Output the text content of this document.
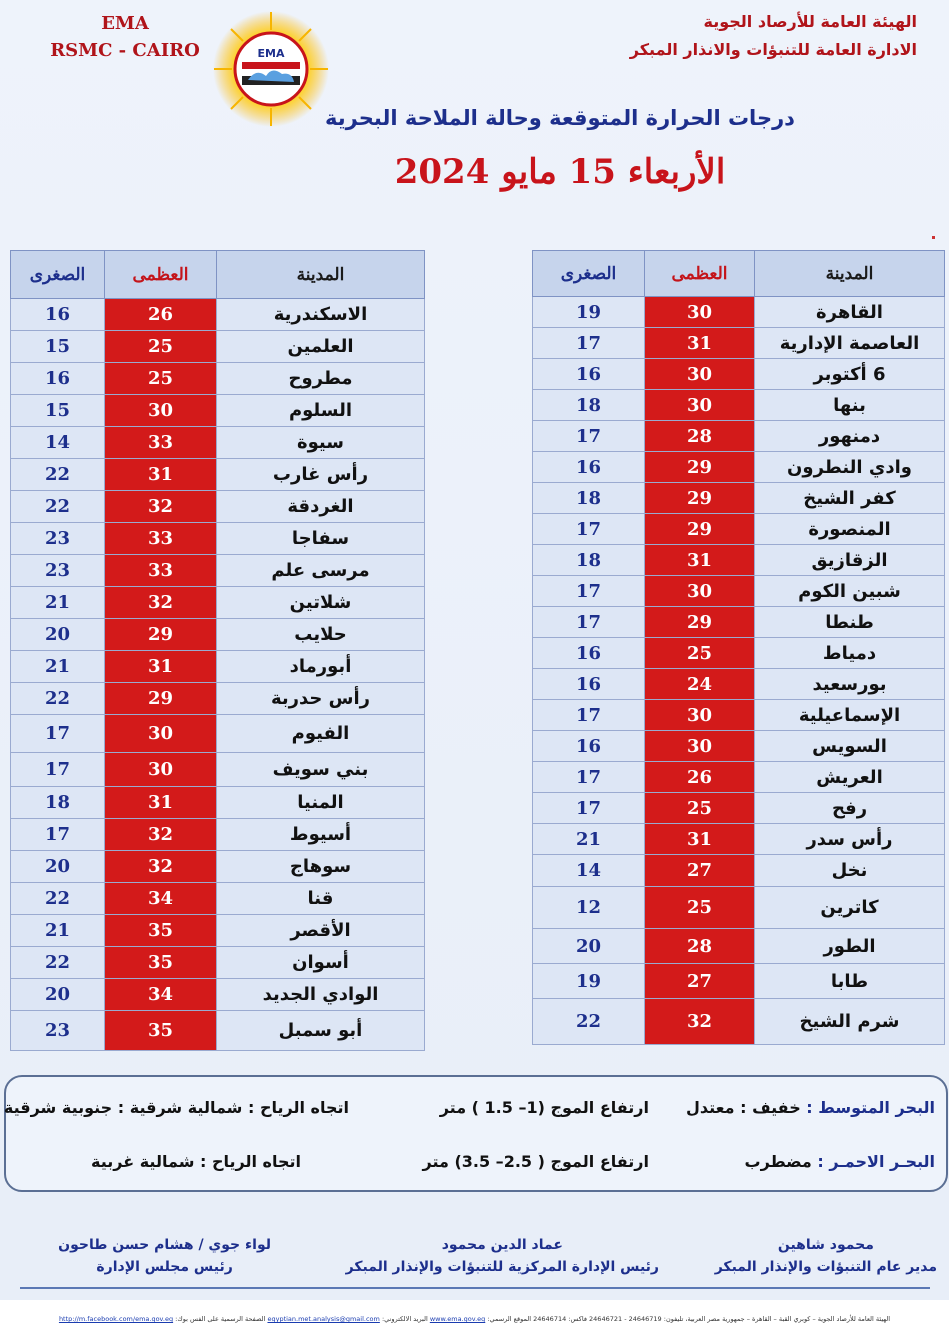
EMA
RSMC - CAIRO	EMA
الهيئة العامة للأرصاد الجوية
الادارة العامة للتنبؤات والانذار المبكر
درجات الحرارة المتوقعة وحالة الملاحة البحرية
الأربعاء 15 مايو 2024
المدينة	العظمى	الصغرى
القاهرة	30	19
العاصمة الإدارية	31	17
6 أكتوبر	30	16
بنها	30	18
دمنهور	28	17
وادي النطرون	29	16
كفر الشيخ	29	18
المنصورة	29	17
الزقازيق	31	18
شبين الكوم	30	17
طنطا	29	17
دمياط	25	16
بورسعيد	24	16
الإسماعيلية	30	17
السويس	30	16
العريش	26	17
رفح	25	17
رأس سدر	31	21
نخل	27	14
كاترين	25	12
الطور	28	20
طابا	27	19
شرم الشيخ	32	22
المدينة	العظمى	الصغرى
الاسكندرية	26	16
العلمين	25	15
مطروح	25	16
السلوم	30	15
سيوة	33	14
رأس غارب	31	22
الغردقة	32	22
سفاجا	33	23
مرسى علم	33	23
شلاتين	32	21
حلايب	29	20
أبورماد	31	21
رأس حدربة	29	22
الفيوم	30	17
بني سويف	30	17
المنيا	31	18
أسيوط	32	17
سوهاج	32	20
قنا	34	22
الأقصر	35	21
أسوان	35	22
الوادي الجديد	34	20
أبو سمبل	35	23
البحر المتوسط : خفيف : معتدل
ارتفاع الموج (1– 1.5 ) متر
اتجاه الرياح : شمالية شرقية : جنوبية شرقية
البحـر الاحمـر : مضطرب
ارتفاع الموج ( 2.5– 3.5) متر
اتجاه الرياح : شمالية غربية
محمود شاهين
مدير عام التنبؤات والإنذار المبكر
عماد الدين محمود
رئيس الإدارة المركزية للتنبؤات والإنذار المبكر
لواء جوي / هشام حسن طاحون
رئيس مجلس الإدارة
الهيئة العامة للأرصاد الجوية – كوبري القبة – القاهرة – جمهورية مصر العربية، تليفون: 24646719 - 24646721 فاكس: 24646714 الموقع الرسمي: www.ema.gov.eg البريد الالكتروني: egyptian.met.analysis@gmail.com الصفحة الرسمية على الفس بوك: http://m.facebook.com/ema.gov.eg
